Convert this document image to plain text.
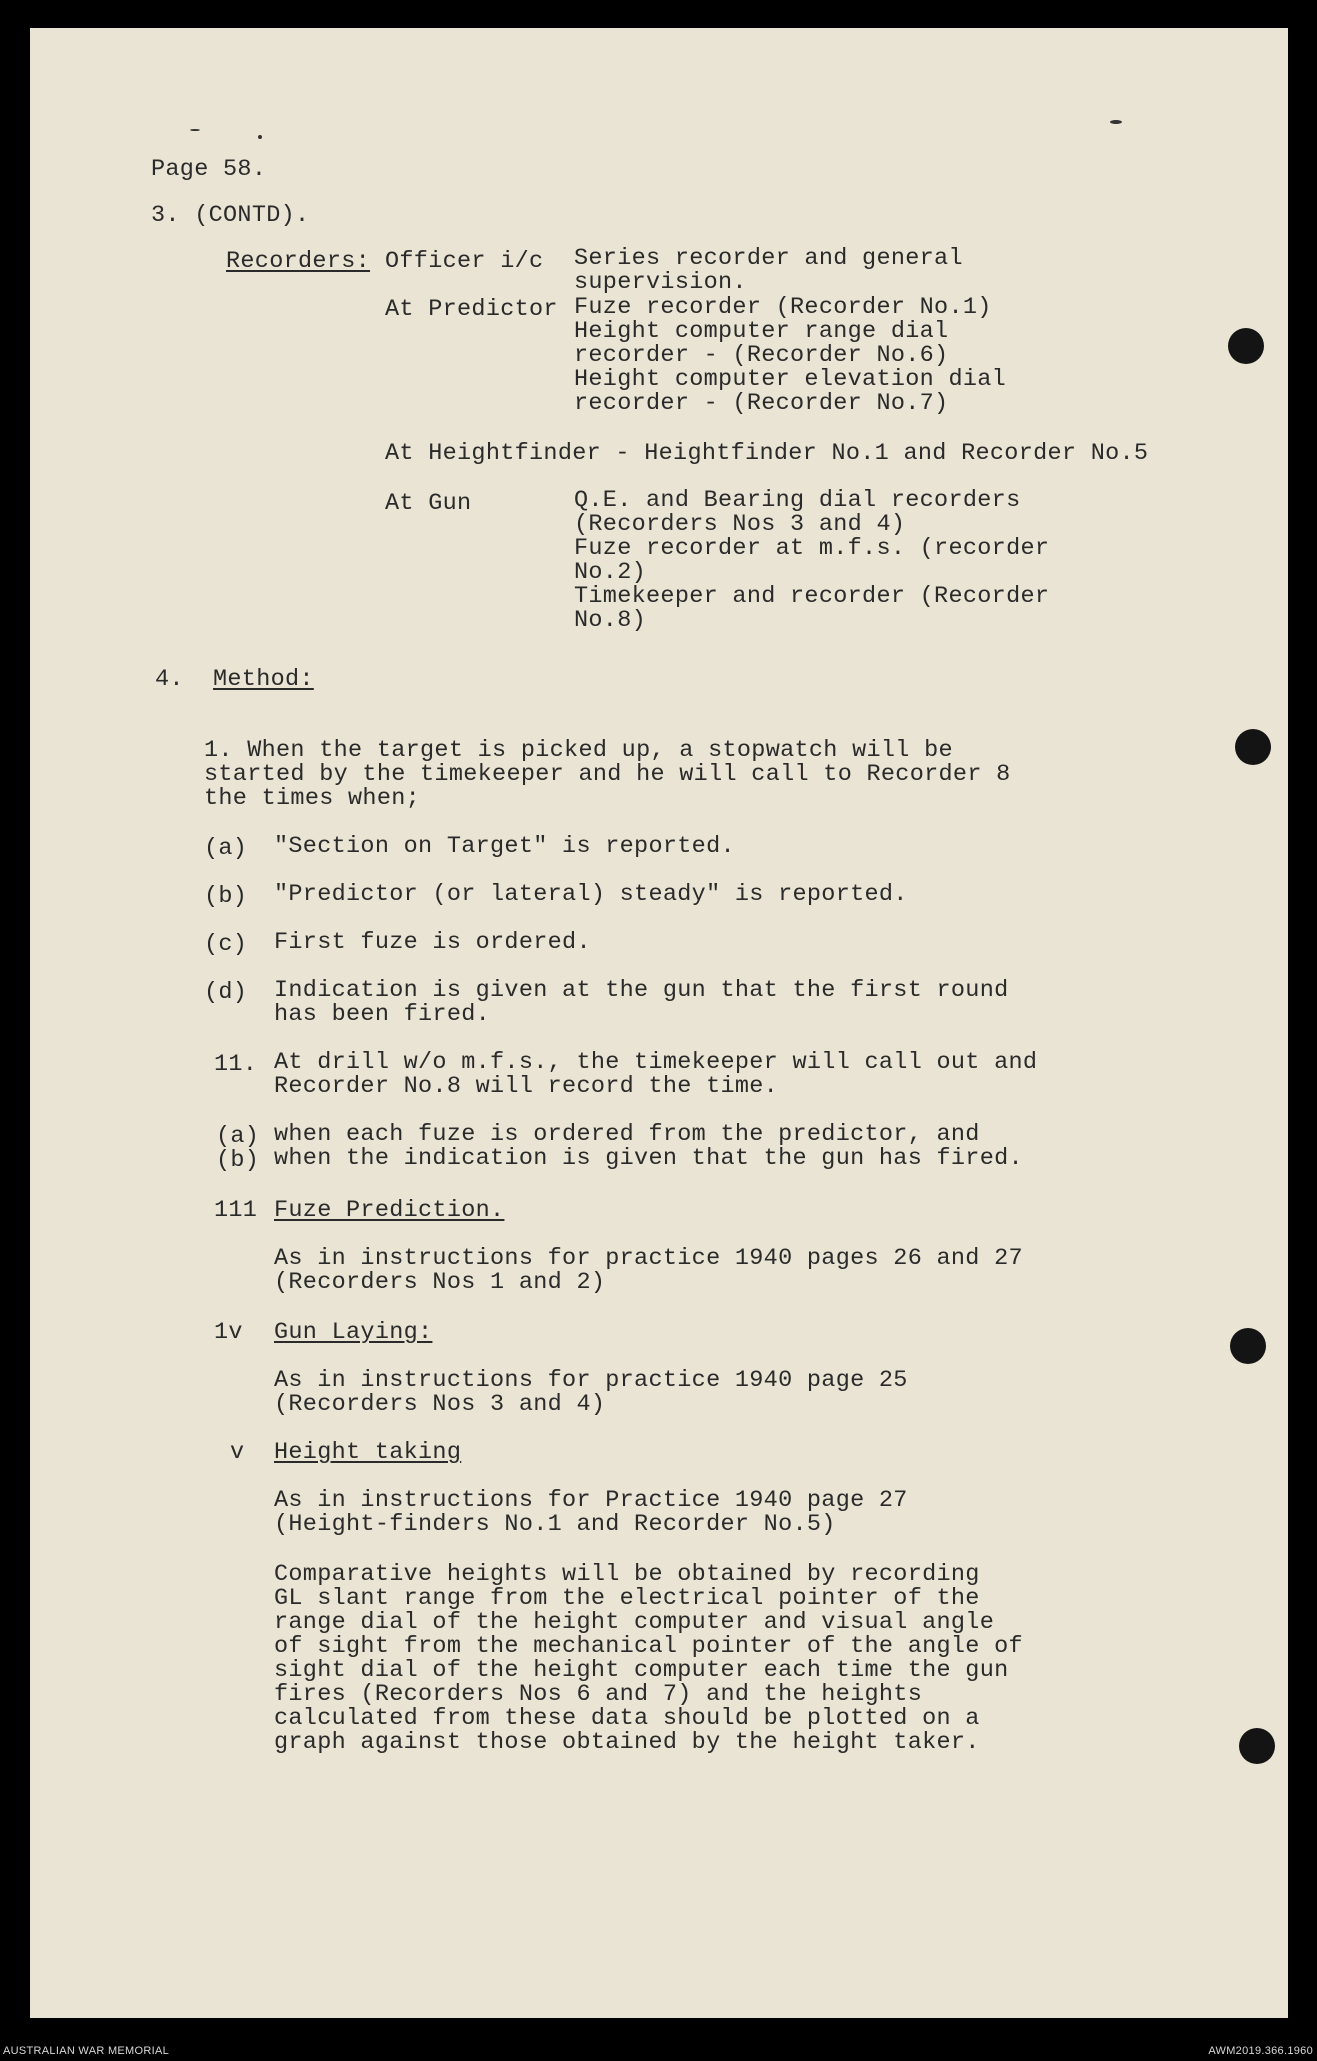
Page 58.
3. (CONTD).
Recorders: Officer i/c Series recorder and general
supervision.
At Predictor Fuze recorder (Recorder No.1)
Height computer range dial
recorder - (Recorder No.6)
Height computer elevation dial
recorder - (Recorder No.7)
At Heightfinder - Heightfinder No.1 and Recorder No.5
At Gun	Q.E. and Bearing dial recorders
(Recorders Nos 3 and 4)
Fuze recorder at m.f.s. (recorder
No.2)
Timekeeper and recorder (Recorder
No.8)
4. Method:
1. When the target is picked up, a stopwatch will be
started by the timekeeper and he will call to Recorder 8
the times when;
(a) "Section on Target" is reported.
(b) "Predictor (or lateral) steady" is reported.
(c) First fuze is ordered.
(d) Indication is given at the gun that the first round
has been fired.
11. At drill w/o m.f.s., the timekeeper will call out and
Recorder No.8 will record the time.
(a) when each fuze is ordered from the predictor, and
(b) when the indication is given that the gun has fired.
111 Fuze Prediction.
As in instructions for practice 1940 pages 26 and 27
(Recorders Nos 1 and 2)
1v Gun Laying:
As in instructions for practice 1940 page 25
(Recorders Nos 3 and 4)
v Height taking
As in instructions for Practice 1940 page 27
(Height-finders No.1 and Recorder No.5)
Comparative heights will be obtained by recording
GL slant range from the electrical pointer of the
range dial of the height computer and visual angle
of sight from the mechanical pointer of the angle of
sight dial of the height computer each time the gun
fires (Recorders Nos 6 and 7) and the heights
calculated from these data should be plotted on a
graph against those obtained by the height taker.
AUSTRALIAN WAR MEMORIAL	AWM2019.366.1960
